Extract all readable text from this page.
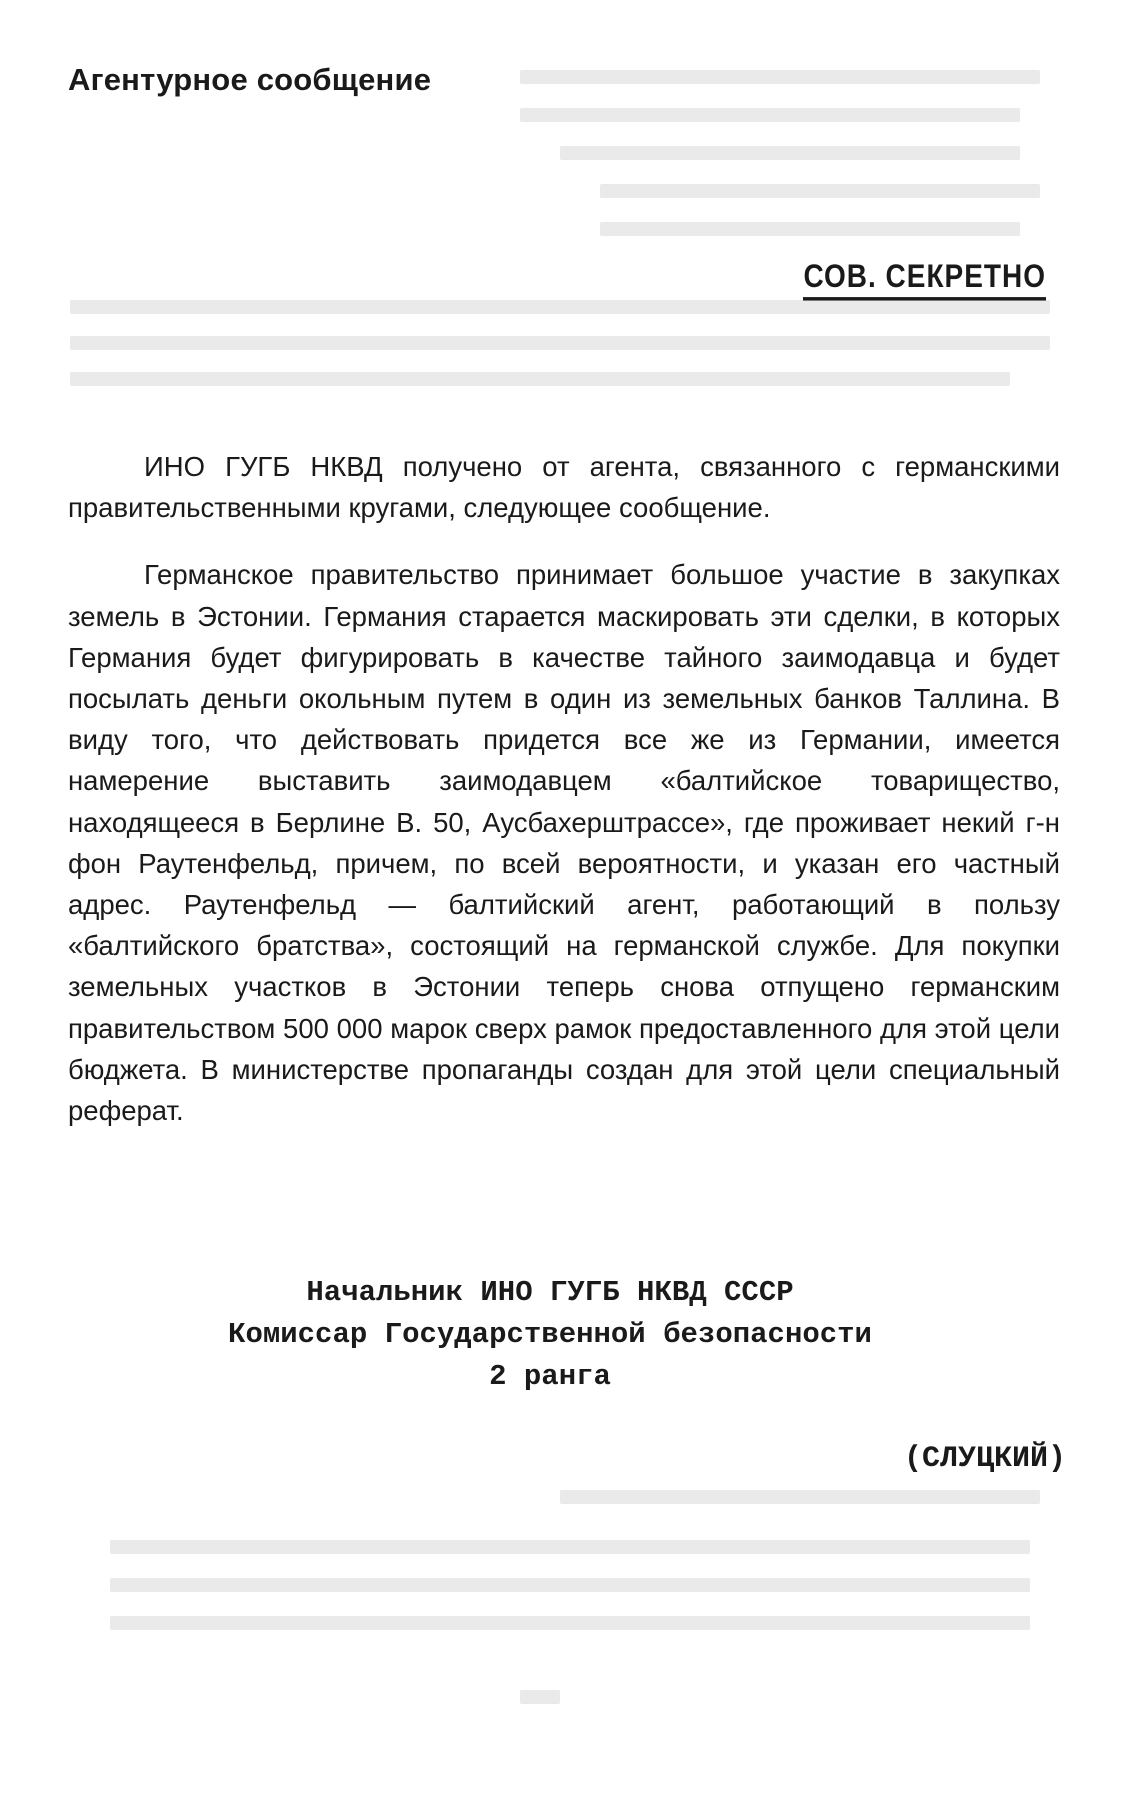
Агентурное сообщение
СОВ. СЕКРЕТНО

ИНО ГУГБ НКВД получено от агента, связанного с германскими правительственными кругами, следующее сообщение.

Германское правительство принимает большое участие в закупках земель в Эстонии. Германия старается маскировать эти сделки, в которых Германия будет фигурировать в качестве тайного заимодавца и будет посылать деньги окольным путем в один из земельных банков Таллина. В виду того, что действовать придется все же из Германии, имеется намерение выставить заимодавцем «балтийское товарищество, находящееся в Берлине В. 50, Аусбахерштрассе», где проживает некий г-н фон Раутенфельд, причем, по всей вероятности, и указан его частный адрес. Раутенфельд — балтийский агент, работающий в пользу «балтийского братства», состоящий на германской службе. Для покупки земельных участков в Эстонии теперь снова отпущено германским правительством 500 000 марок сверх рамок предоставленного для этой цели бюджета. В министерстве пропаганды создан для этой цели специальный реферат.

Начальник ИНО ГУГБ НКВД СССР
Комиссар Государственной безопасности
2 ранга
(СЛУЦКИЙ)
